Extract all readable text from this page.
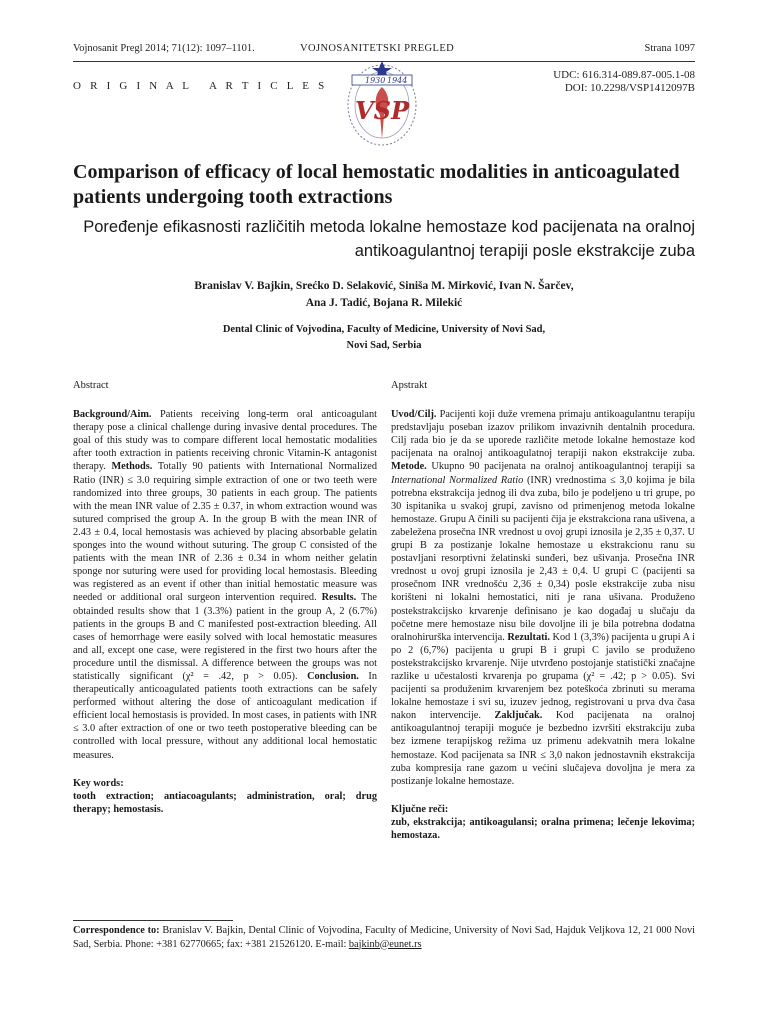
Vojnosanit Pregl 2014; 71(12): 1097–1101.	VOJNOSANITETSKI PREGLED	Strana 1097
O R I G I N A L   A R T I C L E S	1930 1944
VSP
UDC: 616.314-089.87-005.1-08
DOI: 10.2298/VSP1412097B
Comparison of efficacy of local hemostatic modalities in anticoagulated patients undergoing tooth extractions
Poređenje efikasnosti različitih metoda lokalne hemostaze kod pacijenata na oralnoj antikoagulantnoj terapiji posle ekstrakcije zuba
Branislav V. Bajkin, Srećko D. Selaković, Siniša M. Mirković, Ivan N. Šarčev,
Ana J. Tadić, Bojana R. Milekić
Dental Clinic of Vojvodina, Faculty of Medicine, University of Novi Sad,
Novi Sad, Serbia
Abstract

Background/Aim. Patients receiving long-term oral anticoagulant therapy pose a clinical challenge during invasive dental procedures. The goal of this study was to compare different local hemostatic modalities after tooth extraction in patients receiving chronic Vitamin-K antagonist therapy. Methods. Totally 90 patients with International Normalized Ratio (INR) ≤ 3.0 requiring simple extraction of one or two teeth were randomized into three groups, 30 patients in each group. The patients with the mean INR value of 2.35 ± 0.37, in whom extraction wound was sutured comprised the group A. In the group B with the mean INR of 2.43 ± 0.4, local hemostasis was achieved by placing absorbable gelatin sponges into the wound without suturing. The group C consisted of the patients with the mean INR of 2.36 ± 0.34 in whom neither gelatin sponge nor suturing were used for providing local hemostasis. Bleeding was registered as an event if other than initial hemostatic measure was needed or additional oral surgeon intervention required. Results. The obtainded results show that 1 (3.3%) patient in the group A, 2 (6.7%) patients in the groups B and C manifested post-extraction bleeding. All cases of hemorrhage were easily solved with local hemostatic measures and all, except one case, were registered in the first two hours after the procedure until the dismissal. A difference between the groups was not statistically significant (χ² = .42, p > 0.05). Conclusion. In therapeutically anticoagulated patients tooth extractions can be safely performed without altering the dose of anticoagulant medication if efficient local hemostasis is provided. In most cases, in patients with INR ≤ 3.0 after extraction of one or two teeth postoperative bleeding can be controlled with local pressure, without any additional local hemostatic measures.

Key words:
tooth extraction; antiacoagulants; administration, oral; drug therapy; hemostasis.
Apstrakt

Uvod/Cilj. Pacijenti koji duže vremena primaju antikoagulantnu terapiju predstavljaju poseban izazov prilikom invazivnih dentalnih procedura. Cilj rada bio je da se uporede različite metode lokalne hemostaze kod pacijenata na oralnoj antikoagulatnoj terapiji nakon ekstrakcije zuba. Metode. Ukupno 90 pacijenata na oralnoj antikoagulantnoj terapiji sa International Normalized Ratio (INR) vrednostima ≤ 3,0 kojima je bila potrebna ekstrakcija jednog ili dva zuba, bilo je podeljeno u tri grupe, po 30 ispitanika u svakoj grupi, zavisno od primenjenog metoda lokalne hemostaze. Grupu A činili su pacijenti čija je ekstrakciona rana ušivena, a zabeležena prosečna INR vrednost u ovoj grupi iznosila je 2,35 ± 0,37. U grupi B za postizanje lokalne hemostaze u ekstrakcionu ranu su postavljani resorptivni želatinski sunđeri, bez ušivanja. Prosečna INR vrednost u ovoj grupi iznosila je 2,43 ± 0,4. U grupi C (pacijenti sa prosečnom INR vrednošću 2,36 ± 0,34) posle ekstrakcije zuba nisu korišteni ni lokalni hemostatici, niti je rana ušivana. Produženo postekstrakcijsko krvarenje definisano je kao događaj u slučaju da početne mere hemostaze nisu bile dovoljne ili je bila potrebna dodatna oralnohirurška intervencija. Rezultati. Kod 1 (3,3%) pacijenta u grupi A i po 2 (6,7%) pacijenta u grupi B i grupi C javilo se produženo postekstrakcijsko krvarenje. Nije utvrđeno postojanje statistički značajne razlike u učestalosti krvarenja po grupama (χ² = .42; p > 0.05). Svi pacijenti sa produženim krvarenjem bez poteškoća zbrinuti su merama lokalne hemostaze i svi su, izuzev jednog, registrovani u prva dva časa nakon intervencije. Zaključak. Kod pacijenata na oralnoj antikoagulantnoj terapiji moguće je bezbedno izvršiti ekstrakciju zuba bez izmene terapijskog režima uz primenu adekvatnih mera lokalne hemostaze. Kod pacijenata sa INR ≤ 3,0 nakon jednostavnih ekstrakcija zuba kompresija rane gazom u većini slučajeva dovoljna je mera za postizanje lokalne hemostaze.

Ključne reči:
zub, ekstrakcija; antikoagulansi; oralna primena; lečenje lekovima; hemostaza.
Correspondence to: Branislav V. Bajkin, Dental Clinic of Vojvodina, Faculty of Medicine, University of Novi Sad, Hajduk Veljkova 12, 21 000 Novi Sad, Serbia. Phone: +381 62770665; fax: +381 21526120. E-mail: bajkinb@eunet.rs
